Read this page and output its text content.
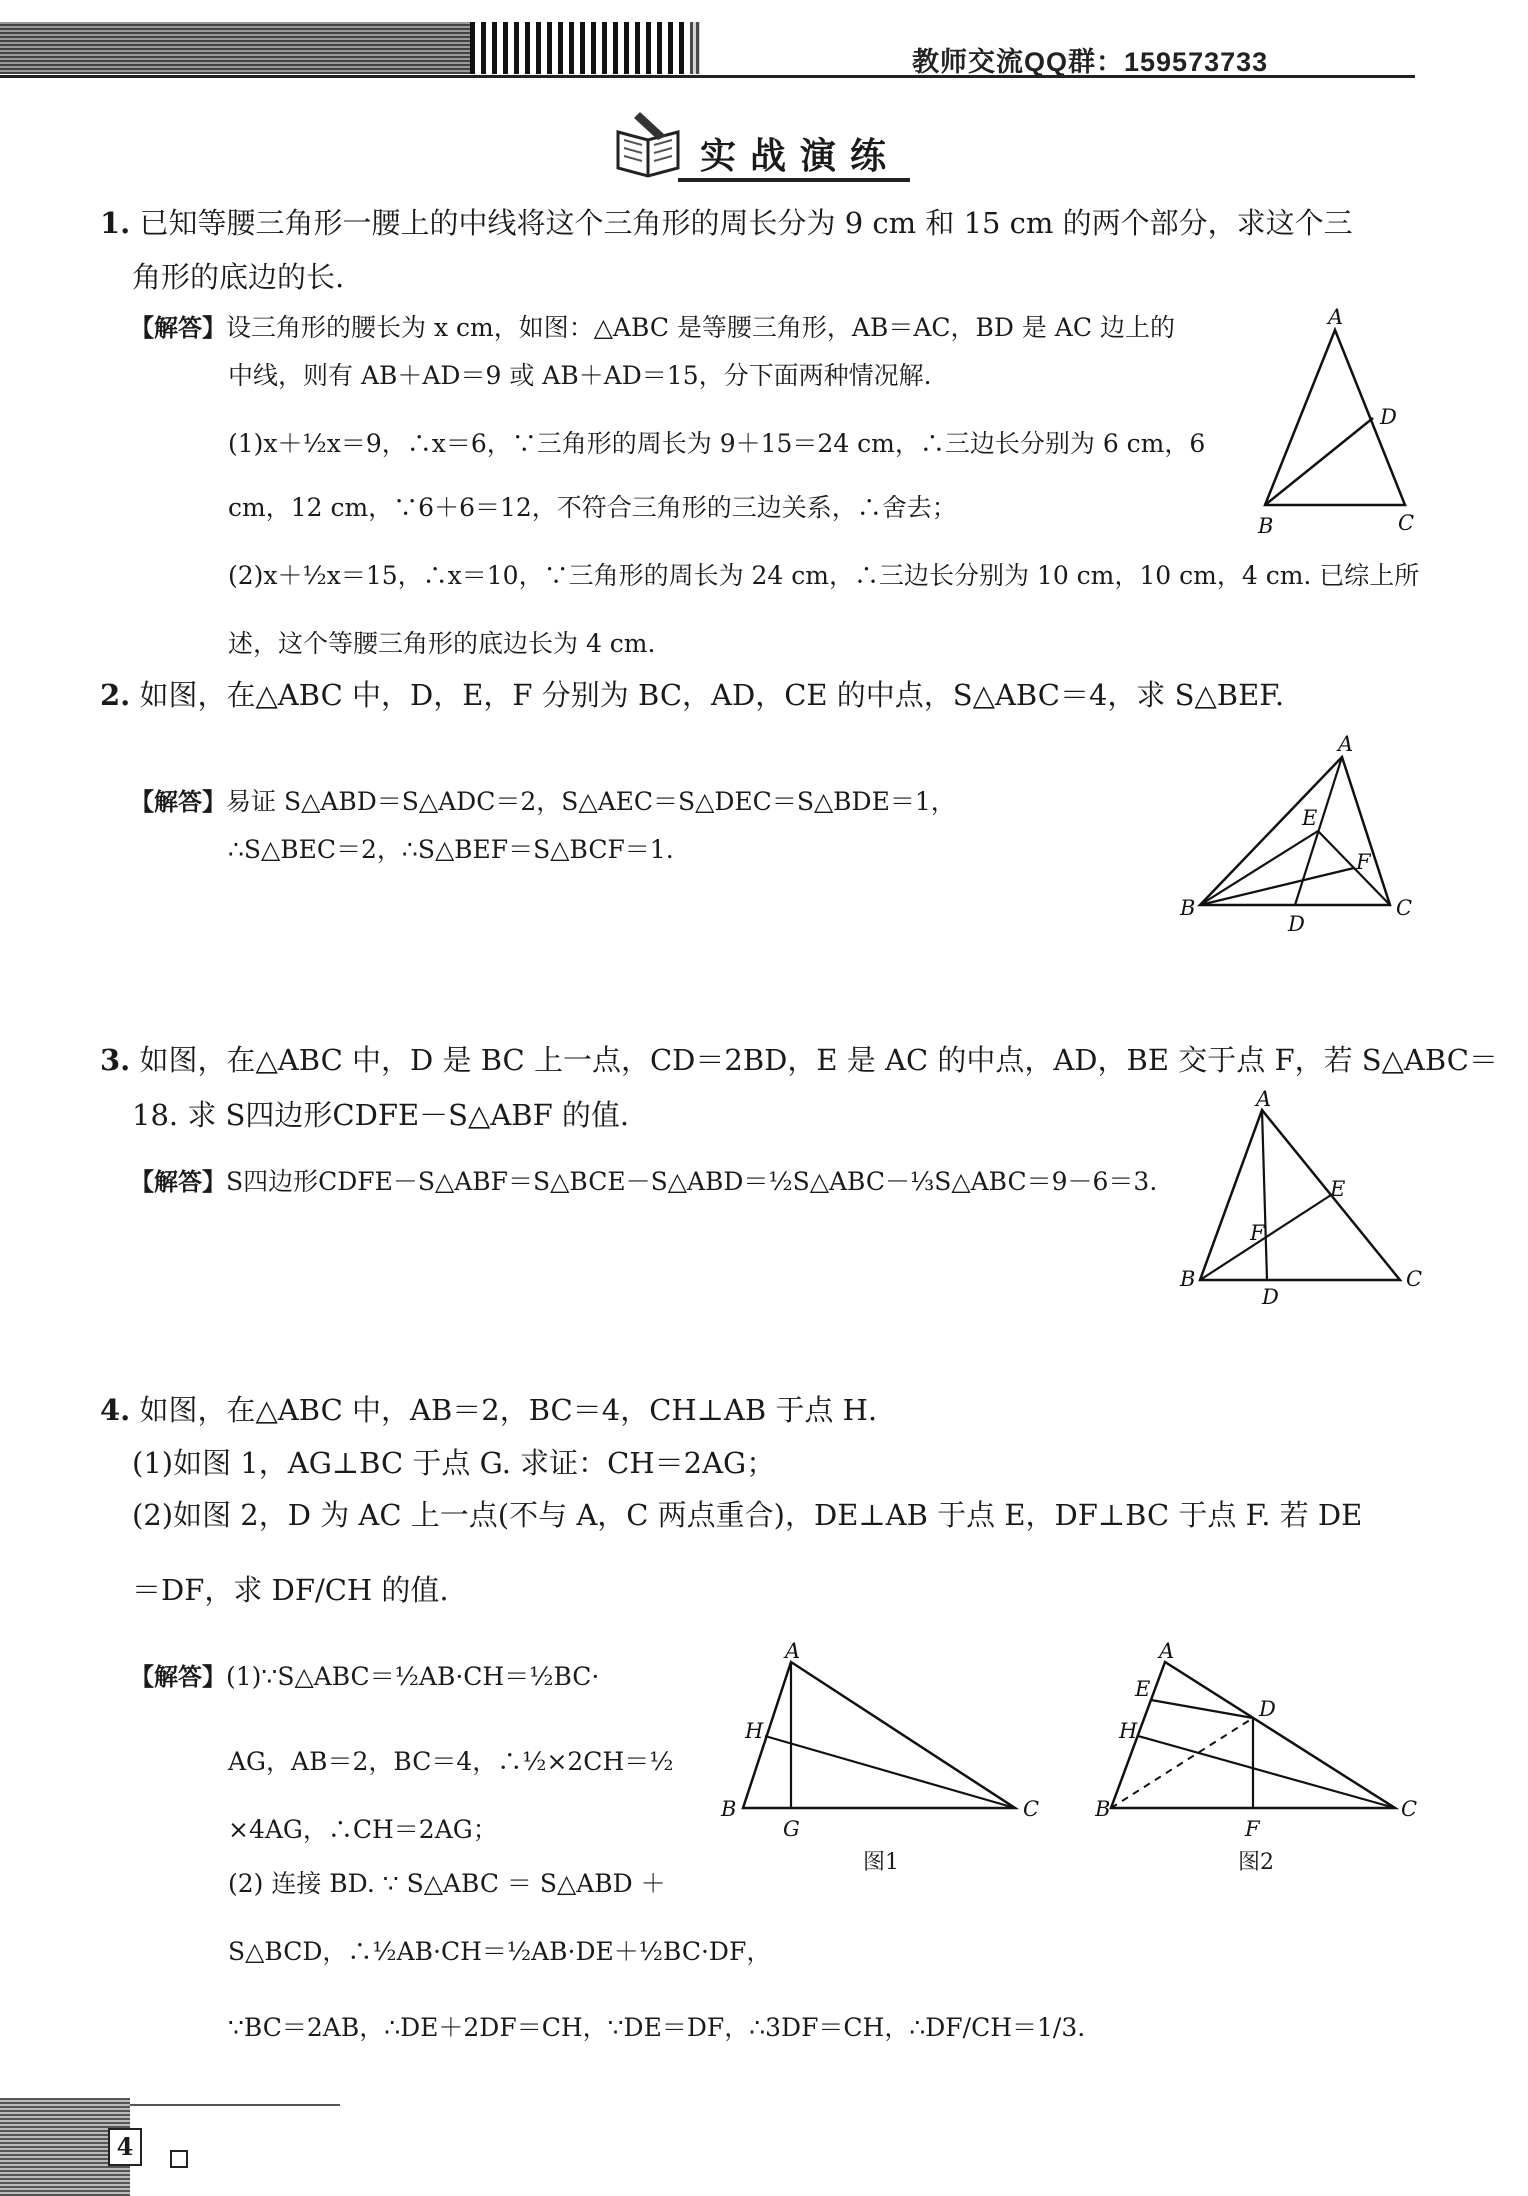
教师交流QQ群：159573733
实战演练
1. 已知等腰三角形一腰上的中线将这个三角形的周长分为 9 cm 和 15 cm 的两个部分，求这个三
角形的底边的长.
【解答】设三角形的腰长为 x cm，如图：△ABC 是等腰三角形，AB＝AC，BD 是 AC 边上的
中线，则有 AB＋AD＝9 或 AB＋AD＝15，分下面两种情况解.
(1)x＋½x＝9，∴x＝6，∵三角形的周长为 9＋15＝24 cm，∴三边长分别为 6 cm，6
cm，12 cm，∵6＋6＝12，不符合三角形的三边关系，∴舍去；
(2)x＋½x＝15，∴x＝10，∵三角形的周长为 24 cm，∴三边长分别为 10 cm，10 cm，4 cm. 已综上所
述，这个等腰三角形的底边长为 4 cm.
A
D
B	C
2. 如图，在△ABC 中，D，E，F 分别为 BC，AD，CE 的中点，S△ABC＝4，求 S△BEF.
【解答】易证 S△ABD＝S△ADC＝2，S△AEC＝S△DEC＝S△BDE＝1，
∴S△BEC＝2，∴S△BEF＝S△BCF＝1.
A
E
F
B
D
C
3. 如图，在△ABC 中，D 是 BC 上一点，CD＝2BD，E 是 AC 的中点，AD，BE 交于点 F，若 S△ABC＝
18. 求 S四边形CDFE－S△ABF 的值.
【解答】S四边形CDFE－S△ABF＝S△BCE－S△ABD＝½S△ABC－⅓S△ABC＝9－6＝3.
A
E
F
B
D
C
4. 如图，在△ABC 中，AB＝2，BC＝4，CH⊥AB 于点 H.
(1)如图 1，AG⊥BC 于点 G. 求证：CH＝2AG；
(2)如图 2，D 为 AC 上一点(不与 A，C 两点重合)，DE⊥AB 于点 E，DF⊥BC 于点 F. 若 DE
＝DF，求 DF/CH 的值.
【解答】(1)∵S△ABC＝½AB·CH＝½BC·
AG，AB＝2，BC＝4，∴½×2CH＝½
×4AG，∴CH＝2AG；
(2) 连接 BD. ∵ S△ABC ＝ S△ABD ＋
S△BCD，∴½AB·CH＝½AB·DE＋½BC·DF，
∵BC＝2AB，∴DE＋2DF＝CH，∵DE＝DF，∴3DF＝CH，∴DF/CH＝1/3.
A
H
B
G
C
图1
A
E
D
H
B
F
C
图2
4
